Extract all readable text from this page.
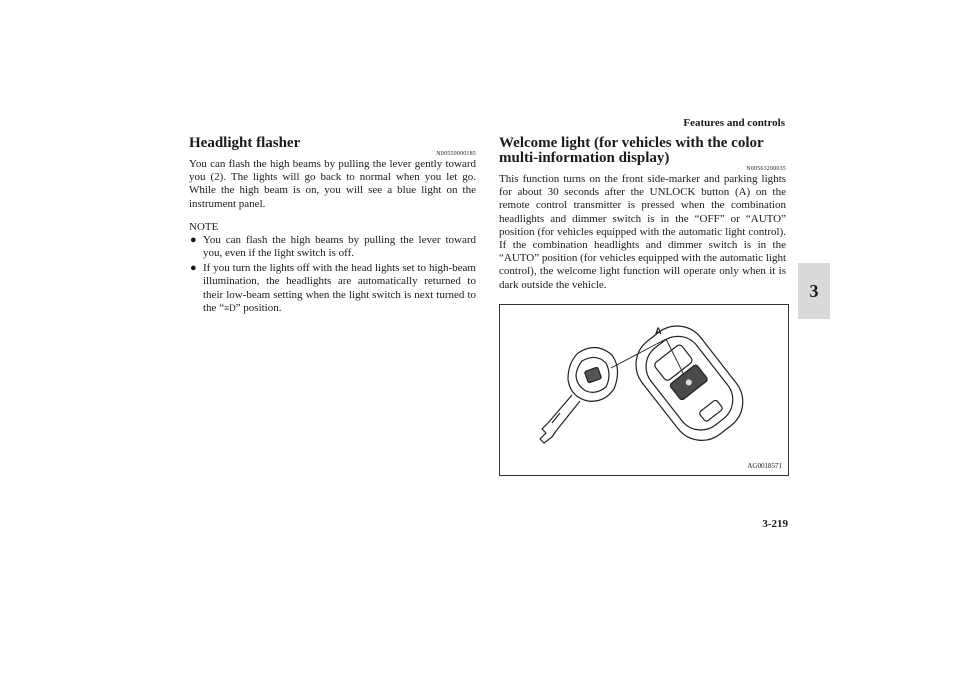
Features and controls
3
Headlight flasher
N00550000185

You can flash the high beams by pulling the lever gently toward you (2). The lights will go back to normal when you let go. While the high beam is on, you will see a blue light on the instrument panel.

NOTE
● You can flash the high beams by pulling the lever toward you, even if the light switch is off.
● If you turn the lights off with the head lights set to high-beam illumination, the headlights are automatically returned to their low-beam setting when the light switch is next turned to the “≡D” position.
Welcome light (for vehicles with the color multi-information display)
N00563200035

This function turns on the front side-marker and parking lights for about 30 seconds after the UNLOCK button (A) on the remote control transmitter is pressed when the combination headlights and dimmer switch is in the “OFF” or “AUTO” position (for vehicles equipped with the automatic light control). If the combination headlights and dimmer switch is in the “AUTO” position (for vehicles equipped with the automatic light control), the welcome light function will operate only when it is dark outside the vehicle.

A
AG0018571
3-219
